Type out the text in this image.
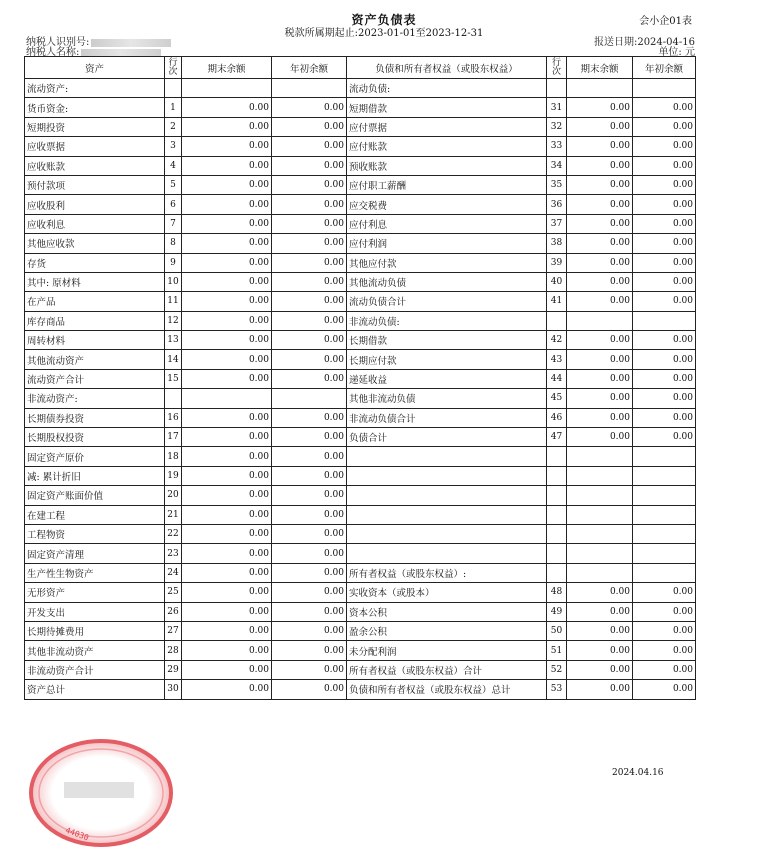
资产负债表
税款所属期起止:2023-01-01至2023-12-31
会小企01表
纳税人识别号:
纳税人名称:
报送日期:2024-04-16
单位: 元
资产	行次	期末余额	年初余额	负债和所有者权益（或股东权益）	行次	期末余额	年初余额
流动资产:				流动负债:			
货币资金:	1	0.00	0.00	短期借款	31	0.00	0.00
短期投资	2	0.00	0.00	应付票据	32	0.00	0.00
应收票据	3	0.00	0.00	应付账款	33	0.00	0.00
应收账款	4	0.00	0.00	预收账款	34	0.00	0.00
预付款项	5	0.00	0.00	应付职工薪酬	35	0.00	0.00
应收股利	6	0.00	0.00	应交税费	36	0.00	0.00
应收利息	7	0.00	0.00	应付利息	37	0.00	0.00
其他应收款	8	0.00	0.00	应付利润	38	0.00	0.00
存货	9	0.00	0.00	其他应付款	39	0.00	0.00
其中: 原材料	10	0.00	0.00	其他流动负债	40	0.00	0.00
在产品	11	0.00	0.00	流动负债合计	41	0.00	0.00
库存商品	12	0.00	0.00	非流动负债:			
周转材料	13	0.00	0.00	长期借款	42	0.00	0.00
其他流动资产	14	0.00	0.00	长期应付款	43	0.00	0.00
流动资产合计	15	0.00	0.00	递延收益	44	0.00	0.00
非流动资产:				其他非流动负债	45	0.00	0.00
长期债券投资	16	0.00	0.00	非流动负债合计	46	0.00	0.00
长期股权投资	17	0.00	0.00	负债合计	47	0.00	0.00
固定资产原价	18	0.00	0.00				
减: 累计折旧	19	0.00	0.00				
固定资产账面价值	20	0.00	0.00				
在建工程	21	0.00	0.00				
工程物资	22	0.00	0.00				
固定资产清理	23	0.00	0.00				
生产性生物资产	24	0.00	0.00	所有者权益（或股东权益）:			
无形资产	25	0.00	0.00	实收资本（或股本）	48	0.00	0.00
开发支出	26	0.00	0.00	资本公积	49	0.00	0.00
长期待摊费用	27	0.00	0.00	盈余公积	50	0.00	0.00
其他非流动资产	28	0.00	0.00	未分配利润	51	0.00	0.00
非流动资产合计	29	0.00	0.00	所有者权益（或股东权益）合计	52	0.00	0.00
资产总计	30	0.00	0.00	负债和所有者权益（或股东权益）总计	53	0.00	0.00
44030
2024.04.16
